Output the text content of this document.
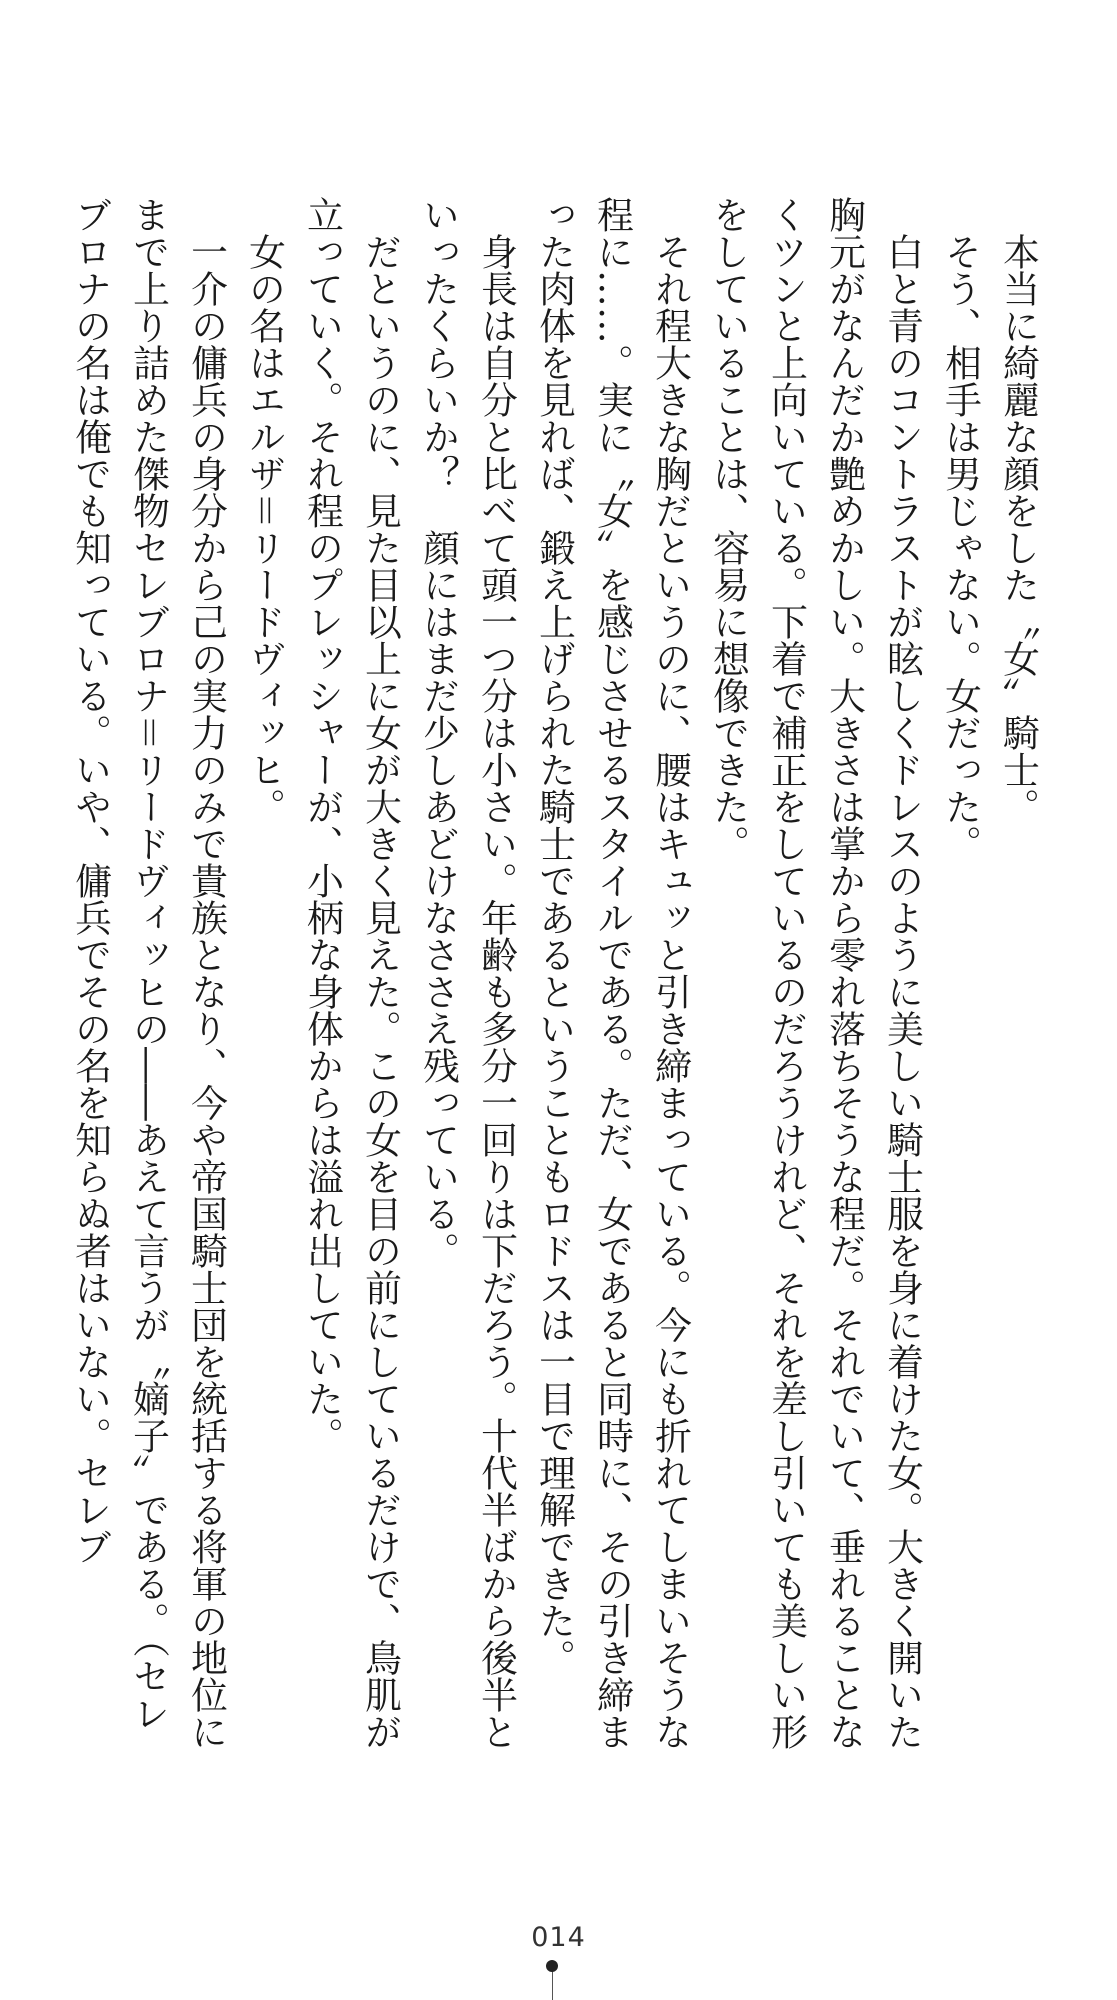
本当に綺麗な顔をした〝女〟騎士。

そう、相手は男じゃない。女だった。

白と青のコントラストが眩しくドレスのように美しい騎士服を身に着けた女。大きく開いた胸元がなんだか艶めかしい。大きさは掌から零れ落ちそうな程だ。それでいて、垂れることなくツンと上向いている。下着で補正をしているのだろうけれど、それを差し引いても美しい形をしていることは、容易に想像できた。

それ程大きな胸だというのに、腰はキュッと引き締まっている。今にも折れてしまいそうな程に……。実に〝女〟を感じさせるスタイルである。ただ、女であると同時に、その引き締まった肉体を見れば、鍛え上げられた騎士であるということもロドスは一目で理解できた。

身長は自分と比べて頭一つ分は小さい。年齢も多分一回りは下だろう。十代半ばから後半といったくらいか？　顔にはまだ少しあどけなささえ残っている。

だというのに、見た目以上に女が大きく見えた。この女を目の前にしているだけで、鳥肌が立っていく。それ程のプレッシャーが、小柄な身体からは溢れ出していた。

女の名はエルザ＝リードヴィッヒ。

一介の傭兵の身分から己の実力のみで貴族となり、今や帝国騎士団を統括する将軍の地位にまで上り詰めた傑物セレブロナ＝リードヴィッヒの――あえて言うが〝嫡子〟である。（セレブロナの名は俺でも知っている。いや、傭兵でその名を知らぬ者はいない。セレブ

014
